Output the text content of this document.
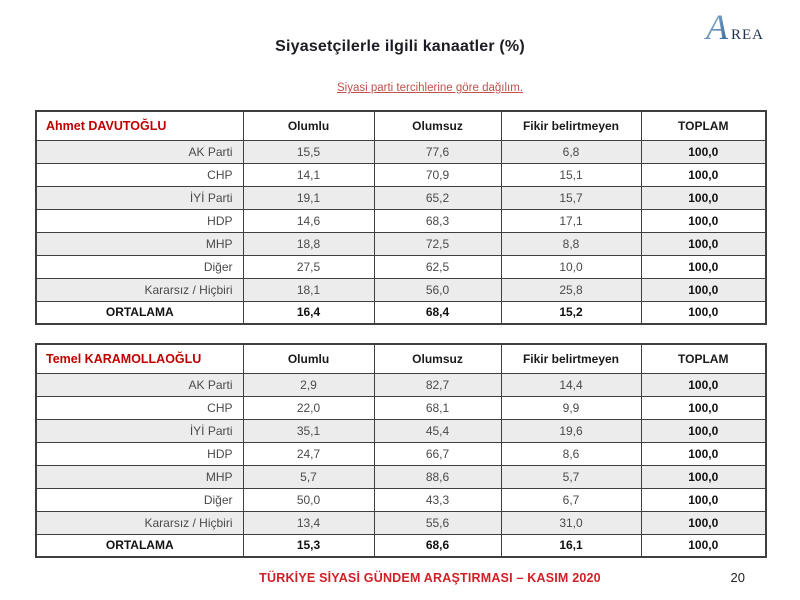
A REA
Siyasetçilerle ilgili kanaatler (%)
Siyasi parti tercihlerine göre dağılım.
Ahmet DAVUTOĞLU	Olumlu	Olumsuz	Fikir belirtmeyen	TOPLAM
AK Parti	15,5	77,6	6,8	100,0
CHP	14,1	70,9	15,1	100,0
İYİ Parti	19,1	65,2	15,7	100,0
HDP	14,6	68,3	17,1	100,0
MHP	18,8	72,5	8,8	100,0
Diğer	27,5	62,5	10,0	100,0
Kararsız / Hiçbiri	18,1	56,0	25,8	100,0
ORTALAMA	16,4	68,4	15,2	100,0
Temel KARAMOLLAOĞLU	Olumlu	Olumsuz	Fikir belirtmeyen	TOPLAM
AK Parti	2,9	82,7	14,4	100,0
CHP	22,0	68,1	9,9	100,0
İYİ Parti	35,1	45,4	19,6	100,0
HDP	24,7	66,7	8,6	100,0
MHP	5,7	88,6	5,7	100,0
Diğer	50,0	43,3	6,7	100,0
Kararsız / Hiçbiri	13,4	55,6	31,0	100,0
ORTALAMA	15,3	68,6	16,1	100,0
TÜRKİYE SİYASİ GÜNDEM ARAŞTIRMASI – KASIM 2020	20
